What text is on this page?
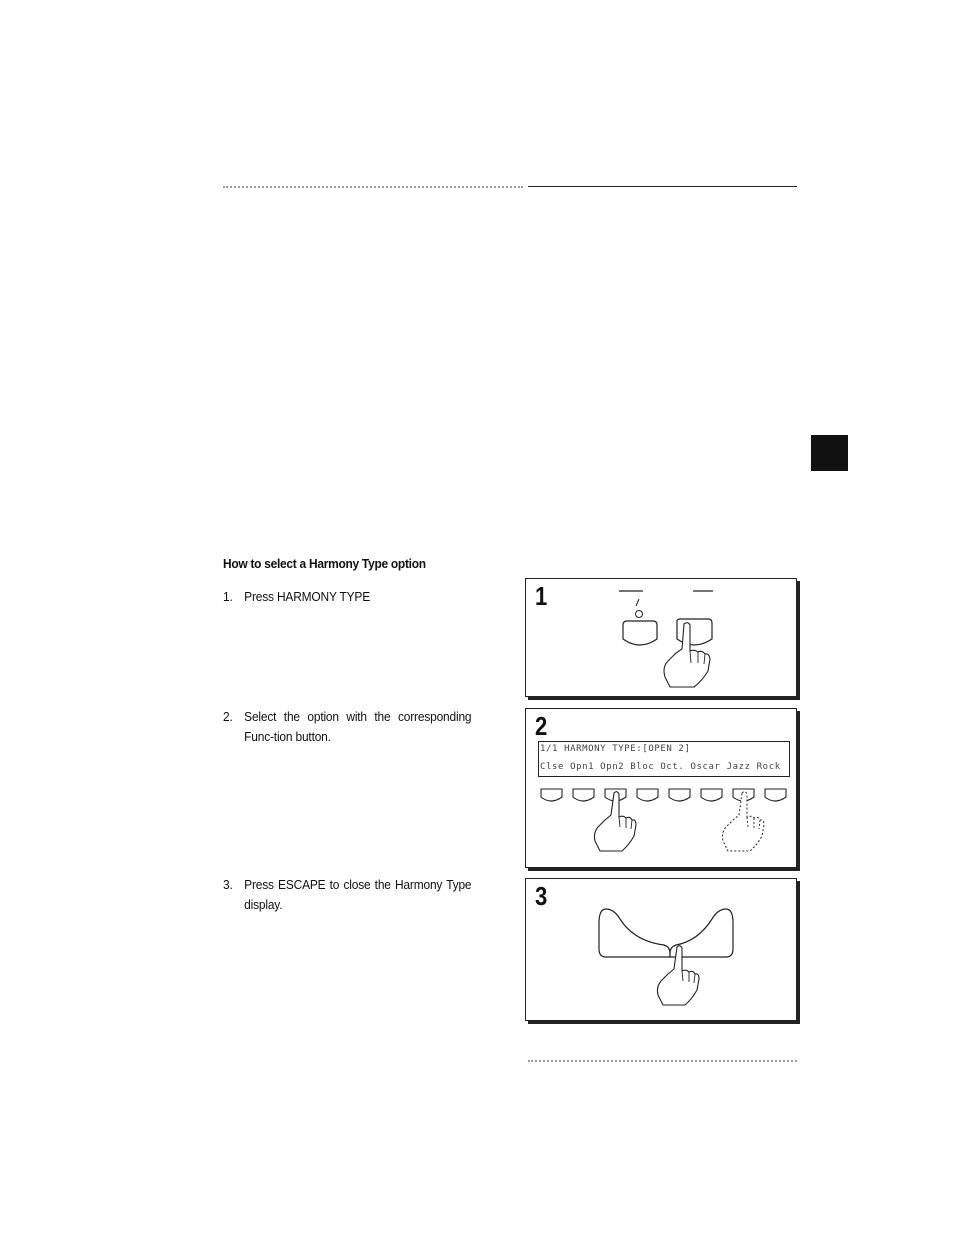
How to select a Harmony Type option
1. Press HARMONY TYPE
2. Select the option with the corresponding Func-tion button.
3. Press ESCAPE to close the Harmony Type display.
1
2
1/1 HARMONY TYPE:[OPEN 2]
Clse Opn1 Opn2 Bloc Oct. Oscar Jazz Rock
3
